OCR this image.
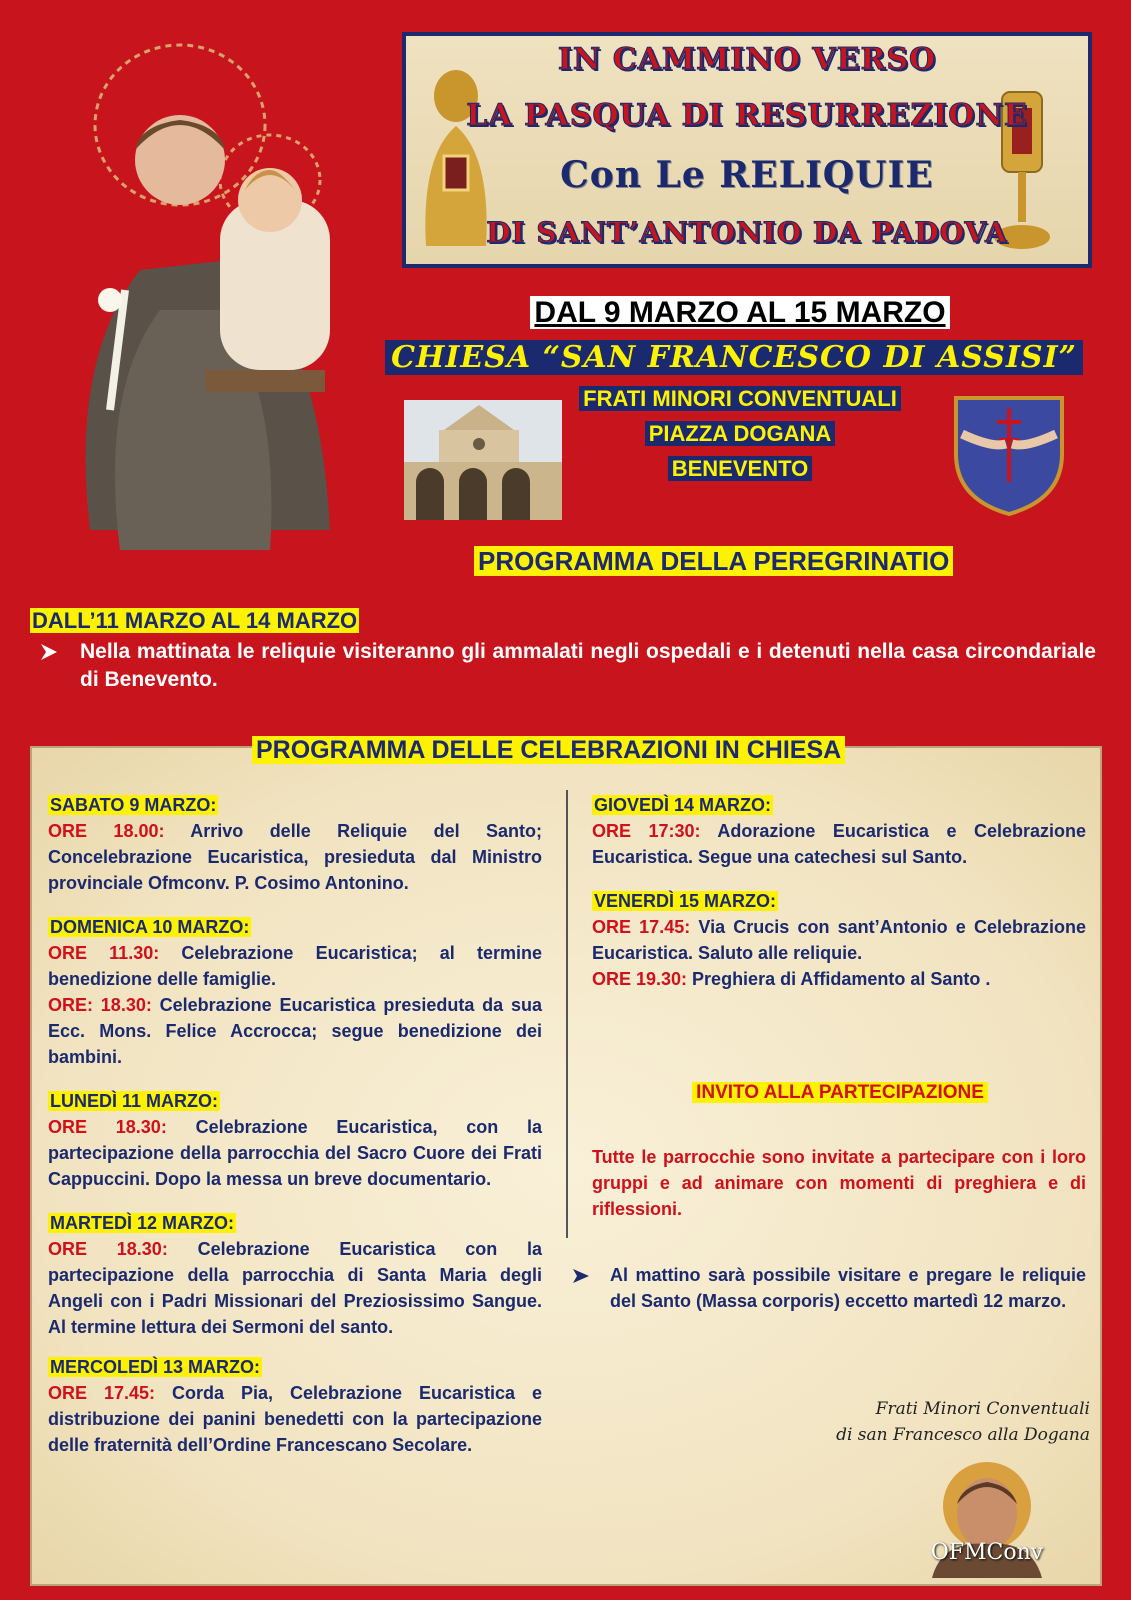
IN CAMMINO VERSO
LA PASQUA DI RESURREZIONE
Con Le RELIQUIE
DI SANT’ANTONIO DA PADOVA
DAL 9 MARZO AL 15 MARZO
CHIESA “SAN FRANCESCO DI ASSISI”
FRATI MINORI CONVENTUALI
PIAZZA DOGANA
BENEVENTO
PROGRAMMA DELLA PEREGRINATIO
DALL’11 MARZO AL 14 MARZO
Nella mattinata le reliquie visiteranno gli ammalati negli ospedali e i detenuti nella casa circondariale di Benevento.
PROGRAMMA DELLE CELEBRAZIONI IN CHIESA
SABATO 9 MARZO:

ORE 18.00: Arrivo delle Reliquie del Santo; Concelebrazione Eucaristica, presieduta dal Ministro provinciale Ofmconv. P. Cosimo Antonino.

DOMENICA 10 MARZO:

ORE 11.30: Celebrazione Eucaristica; al termine benedizione delle famiglie.

ORE: 18.30: Celebrazione Eucaristica presieduta da sua Ecc. Mons. Felice Accrocca; segue benedizione dei bambini.

LUNEDÌ 11 MARZO:

ORE 18.30: Celebrazione Eucaristica, con la partecipazione della parrocchia del Sacro Cuore dei Frati Cappuccini. Dopo la messa un breve documentario.

MARTEDÌ 12 MARZO:

ORE 18.30: Celebrazione Eucaristica con la partecipazione della parrocchia di Santa Maria degli Angeli con i Padri Missionari del Preziosissimo Sangue. Al termine lettura dei Sermoni del santo.

MERCOLEDÌ 13 MARZO:

ORE 17.45: Corda Pia, Celebrazione Eucaristica e distribuzione dei panini benedetti con la partecipazione delle fraternità dell’Ordine Francescano Secolare.

GIOVEDÌ 14 MARZO:

ORE 17:30: Adorazione Eucaristica e Celebrazione Eucaristica. Segue una catechesi sul Santo.

VENERDÌ 15 MARZO:

ORE 17.45: Via Crucis con sant’Antonio e Celebrazione Eucaristica. Saluto alle reliquie.

ORE 19.30: Preghiera di Affidamento al Santo .

INVITO ALLA PARTECIPAZIONE

Tutte le parrocchie sono invitate a partecipare con i loro gruppi e ad animare con momenti di preghiera e di riflessioni.

Al mattino sarà possibile visitare e pregare le reliquie del Santo (Massa corporis) eccetto martedì 12 marzo.

Frati Minori Conventuali
di san Francesco alla Dogana
OFMConv
